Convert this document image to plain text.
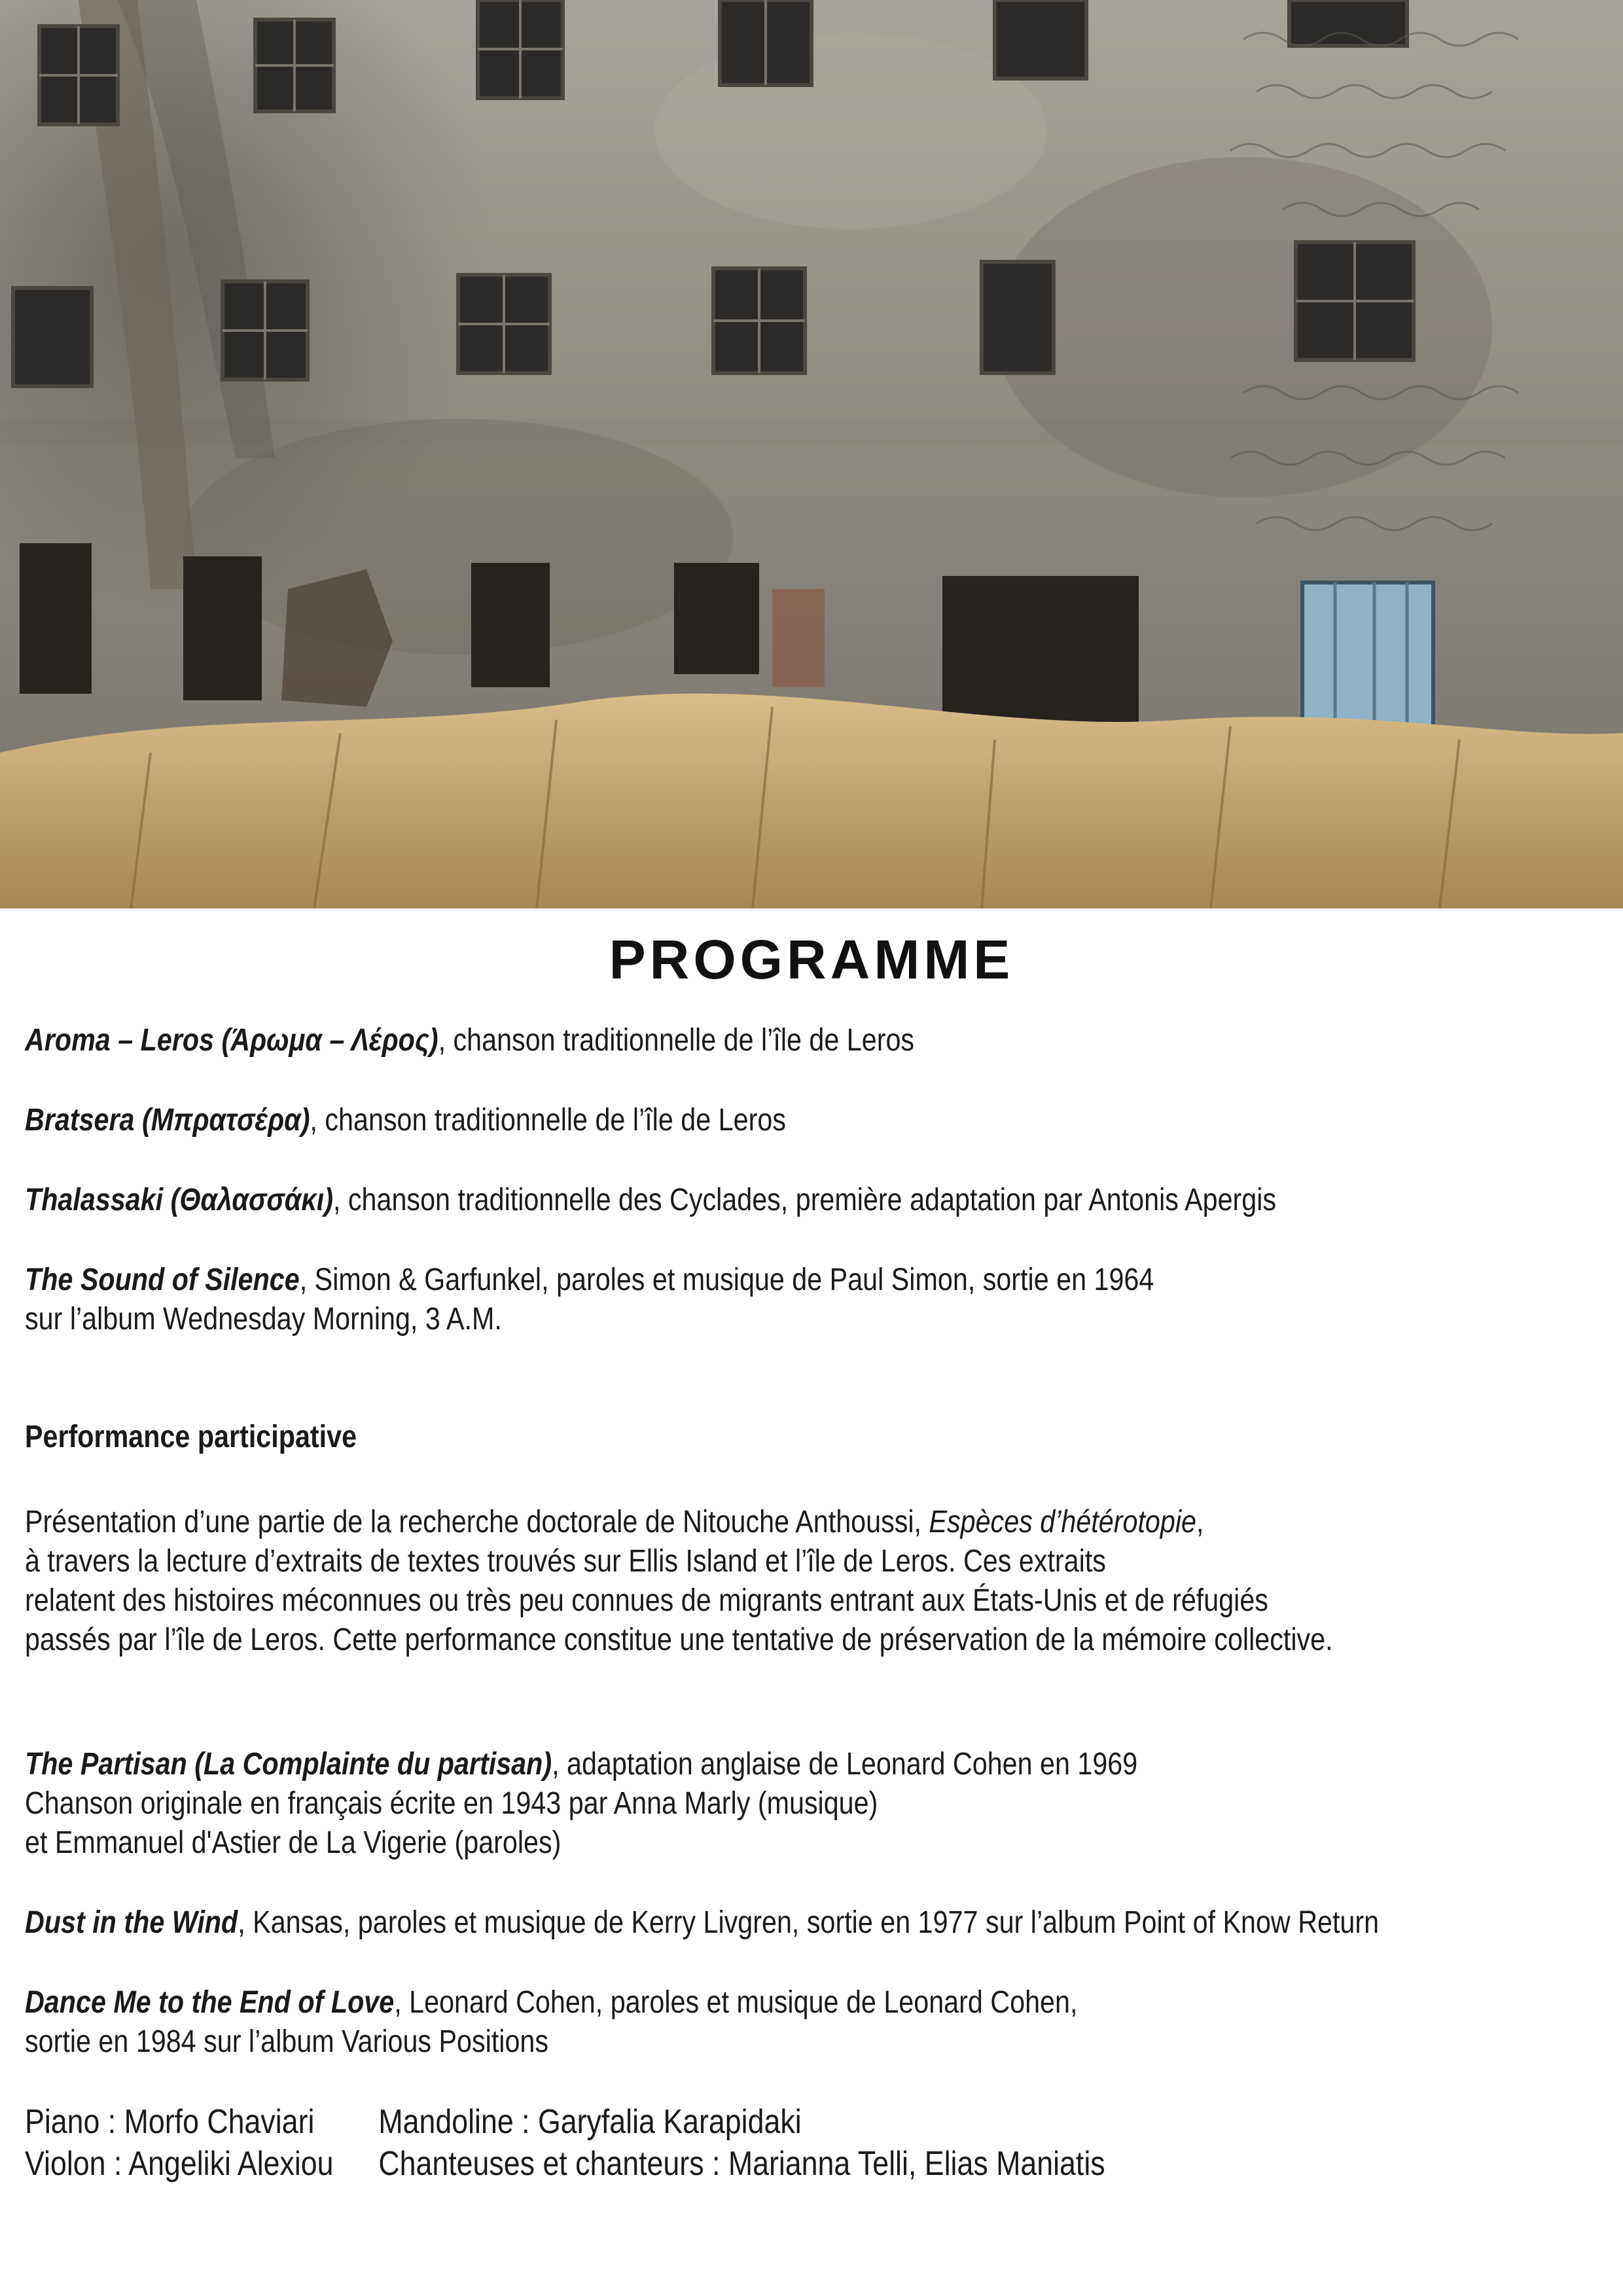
PROGRAMME

Aroma – Leros (Άρωμα – Λέρος), chanson traditionnelle de l’île de Leros

Bratsera (Μπρατσέρα), chanson traditionnelle de l’île de Leros

Thalassaki (Θαλασσάκι), chanson traditionnelle des Cyclades, première adaptation par Antonis Apergis

The Sound of Silence, Simon & Garfunkel, paroles et musique de Paul Simon, sortie en 1964
sur l’album Wednesday Morning, 3 A.M.

Performance participative

Présentation d’une partie de la recherche doctorale de Nitouche Anthoussi, Espèces d’hétérotopie,
à travers la lecture d’extraits de textes trouvés sur Ellis Island et l’île de Leros. Ces extraits
relatent des histoires méconnues ou très peu connues de migrants entrant aux États-Unis et de réfugiés
passés par l’île de Leros. Cette performance constitue une tentative de préservation de la mémoire collective.

The Partisan (La Complainte du partisan), adaptation anglaise de Leonard Cohen en 1969
Chanson originale en français écrite en 1943 par Anna Marly (musique)
et Emmanuel d'Astier de La Vigerie (paroles)

Dust in the Wind, Kansas, paroles et musique de Kerry Livgren, sortie en 1977 sur l’album Point of Know Return

Dance Me to the End of Love, Leonard Cohen, paroles et musique de Leonard Cohen,
sortie en 1984 sur l’album Various Positions

Piano : Morfo Chaviari
Violon : Angeliki Alexiou
Mandoline : Garyfalia Karapidaki
Chanteuses et chanteurs : Marianna Telli, Elias Maniatis
